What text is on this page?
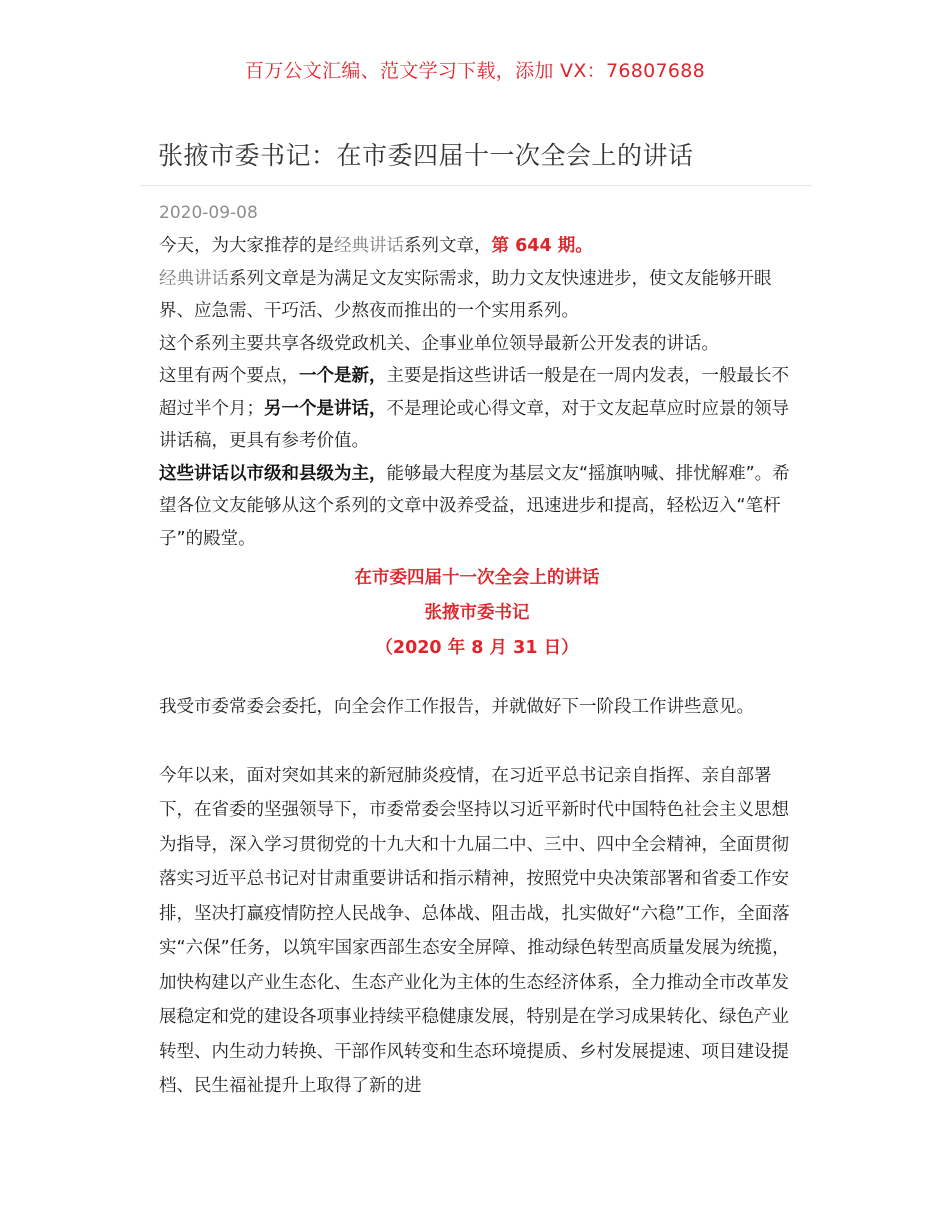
百万公文汇编、范文学习下载，添加 VX：76807688
张掖市委书记：在市委四届十一次全会上的讲话
2020-09-08

今天，为大家推荐的是经典讲话系列文章，第 644 期。

经典讲话系列文章是为满足文友实际需求，助力文友快速进步，使文友能够开眼界、应急需、干巧活、少熬夜而推出的一个实用系列。

这个系列主要共享各级党政机关、企事业单位领导最新公开发表的讲话。

这里有两个要点，一个是新，主要是指这些讲话一般是在一周内发表，一般最长不超过半个月；另一个是讲话，不是理论或心得文章，对于文友起草应时应景的领导讲话稿，更具有参考价值。

这些讲话以市级和县级为主，能够最大程度为基层文友“摇旗呐喊、排忧解难”。希望各位文友能够从这个系列的文章中汲养受益，迅速进步和提高，轻松迈入“笔杆子”的殿堂。

在市委四届十一次全会上的讲话
张掖市委书记
（2020 年 8 月 31 日）

我受市委常委会委托，向全会作工作报告，并就做好下一阶段工作讲些意见。

今年以来，面对突如其来的新冠肺炎疫情，在习近平总书记亲自指挥、亲自部署下，在省委的坚强领导下，市委常委会坚持以习近平新时代中国特色社会主义思想为指导，深入学习贯彻党的十九大和十九届二中、三中、四中全会精神，全面贯彻落实习近平总书记对甘肃重要讲话和指示精神，按照党中央决策部署和省委工作安排，坚决打赢疫情防控人民战争、总体战、阻击战，扎实做好“六稳”工作，全面落实“六保”任务，以筑牢国家西部生态安全屏障、推动绿色转型高质量发展为统揽，加快构建以产业生态化、生态产业化为主体的生态经济体系，全力推动全市改革发展稳定和党的建设各项事业持续平稳健康发展，特别是在学习成果转化、绿色产业转型、内生动力转换、干部作风转变和生态环境提质、乡村发展提速、项目建设提档、民生福祉提升上取得了新的进
